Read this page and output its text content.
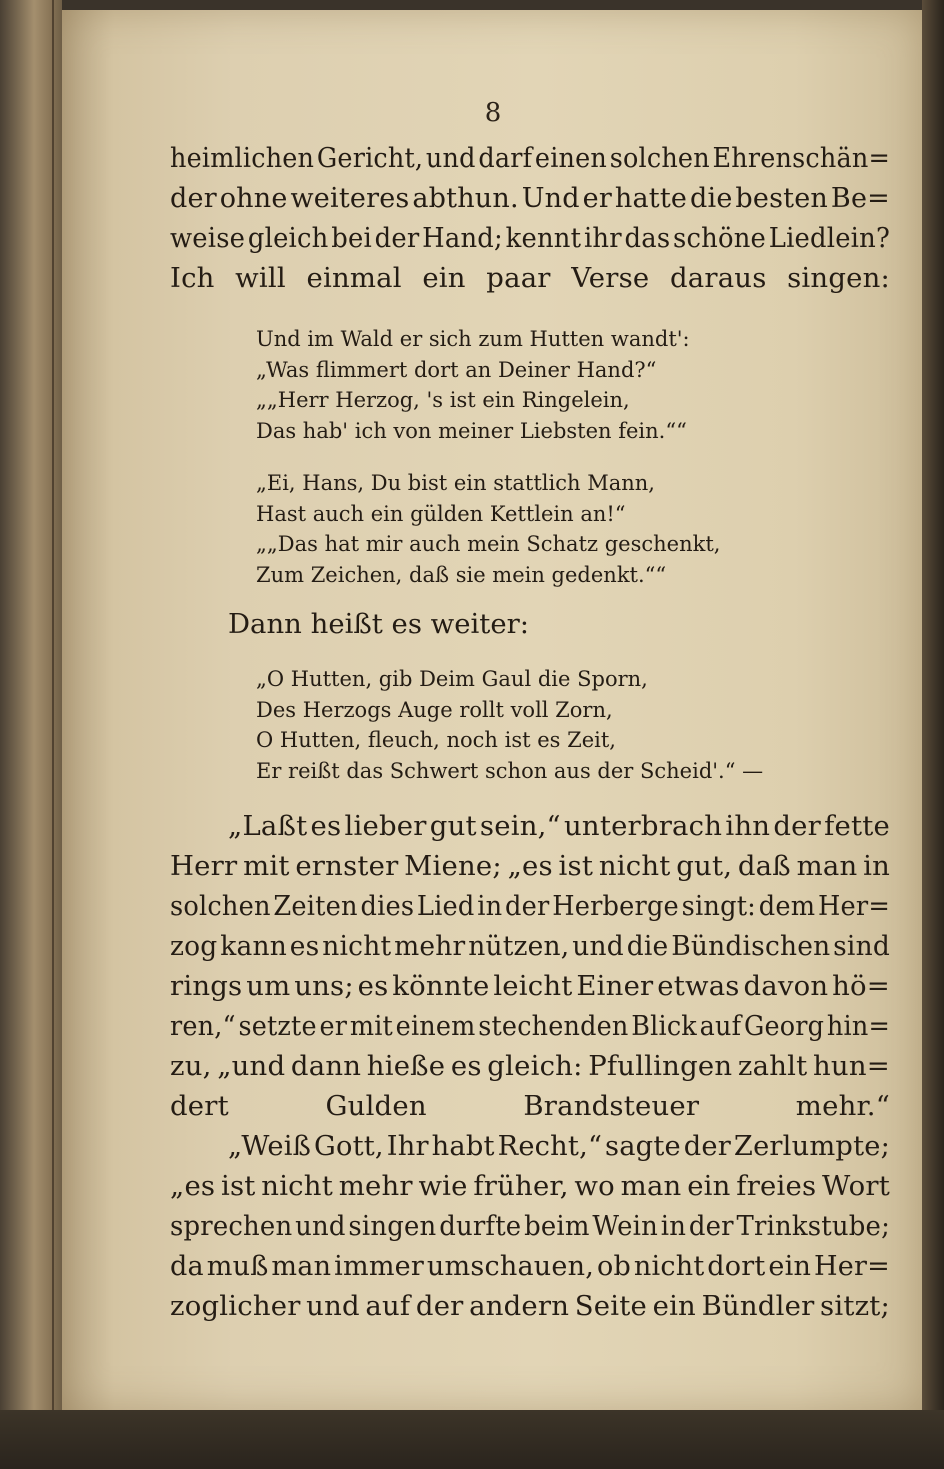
8

heimlichen Gericht, und darf einen solchen Ehrenschän=
der ohne weiteres abthun. Und er hatte die besten Be=
weise gleich bei der Hand; kennt ihr das schöne Liedlein?
Ich will einmal ein paar Verse daraus singen:

Und im Wald er sich zum Hutten wandt':
„Was flimmert dort an Deiner Hand?“
„„Herr Herzog, 's ist ein Ringelein,
Das hab' ich von meiner Liebsten fein.““
„Ei, Hans, Du bist ein stattlich Mann,
Hast auch ein gülden Kettlein an!“
„„Das hat mir auch mein Schatz geschenkt,
Zum Zeichen, daß sie mein gedenkt.““
Dann heißt es weiter:
„O Hutten, gib Deim Gaul die Sporn,
Des Herzogs Auge rollt voll Zorn,
O Hutten, fleuch, noch ist es Zeit,
Er reißt das Schwert schon aus der Scheid'.“ —

„Laßt es lieber gut sein,“ unterbrach ihn der fette
Herr mit ernster Miene; „es ist nicht gut, daß man in
solchen Zeiten dies Lied in der Herberge singt: dem Her=
zog kann es nicht mehr nützen, und die Bündischen sind
rings um uns; es könnte leicht Einer etwas davon hö=
ren,“ setzte er mit einem stechenden Blick auf Georg hin=
zu, „und dann hieße es gleich: Pfullingen zahlt hun=
dert Gulden Brandsteuer mehr.“

„Weiß Gott, Ihr habt Recht,“ sagte der Zerlumpte;
„es ist nicht mehr wie früher, wo man ein freies Wort
sprechen und singen durfte beim Wein in der Trinkstube;
da muß man immer umschauen, ob nicht dort ein Her=
zoglicher und auf der andern Seite ein Bündler sitzt;
